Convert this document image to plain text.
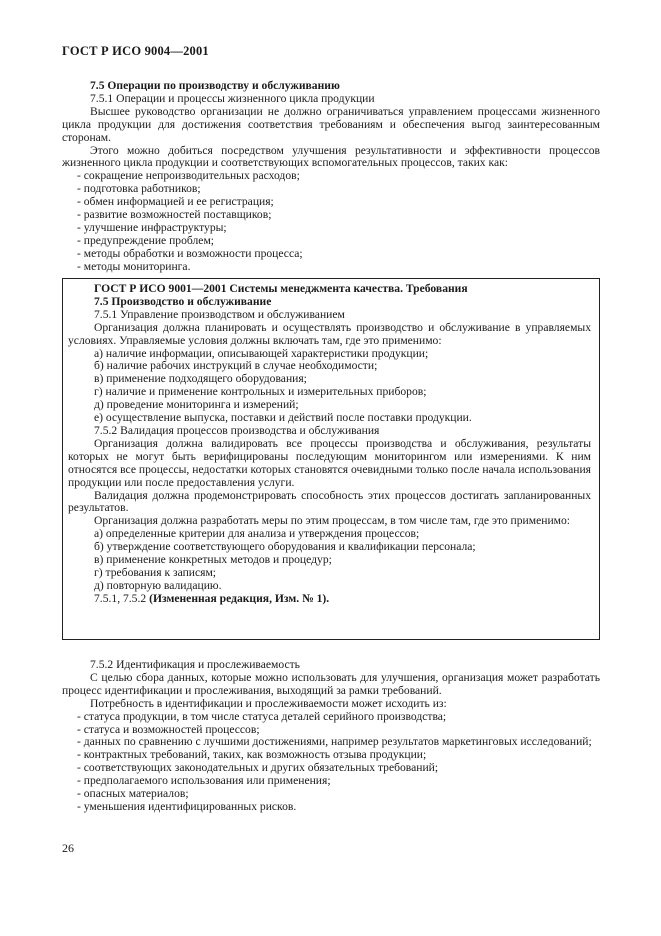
ГОСТ Р ИСО 9004—2001

7.5 Операции по производству и обслуживанию

7.5.1 Операции и процессы жизненного цикла продукции

Высшее руководство организации не должно ограничиваться управлением процессами жизненного цикла продукции для достижения соответствия требованиям и обеспечения выгод заинтересованным сторонам.

Этого можно добиться посредством улучшения результативности и эффективности процессов жизненного цикла продукции и соответствующих вспомогательных процессов, таких как:

- сокращение непроизводительных расходов;

- подготовка работников;

- обмен информацией и ее регистрация;

- развитие возможностей поставщиков;

- улучшение инфраструктуры;

- предупреждение проблем;

- методы обработки и возможности процесса;

- методы мониторинга.

ГОСТ Р ИСО 9001—2001 Системы менеджмента качества. Требования

7.5 Производство и обслуживание

7.5.1 Управление производством и обслуживанием

Организация должна планировать и осуществлять производство и обслуживание в управляемых условиях. Управляемые условия должны включать там, где это применимо:

а) наличие информации, описывающей характеристики продукции;

б) наличие рабочих инструкций в случае необходимости;

в) применение подходящего оборудования;

г) наличие и применение контрольных и измерительных приборов;

д) проведение мониторинга и измерений;

е) осуществление выпуска, поставки и действий после поставки продукции.

7.5.2 Валидация процессов производства и обслуживания

Организация должна валидировать все процессы производства и обслуживания, результаты которых не могут быть верифицированы последующим мониторингом или измерениями. К ним относятся все процессы, недостатки которых становятся очевидными только после начала использования продукции или после предоставления услуги.

Валидация должна продемонстрировать способность этих процессов достигать запланированных результатов.

Организация должна разработать меры по этим процессам, в том числе там, где это применимо:

а) определенные критерии для анализа и утверждения процессов;

б) утверждение соответствующего оборудования и квалификации персонала;

в) применение конкретных методов и процедур;

г) требования к записям;

д) повторную валидацию.

7.5.1, 7.5.2 (Измененная редакция, Изм. № 1).

7.5.2 Идентификация и прослеживаемость

С целью сбора данных, которые можно использовать для улучшения, организация может разработать процесс идентификации и прослеживания, выходящий за рамки требований.

Потребность в идентификации и прослеживаемости может исходить из:

- статуса продукции, в том числе статуса деталей серийного производства;

- статуса и возможностей процессов;

- данных по сравнению с лучшими достижениями, например результатов маркетинговых исследований;

- контрактных требований, таких, как возможность отзыва продукции;

- соответствующих законодательных и других обязательных требований;

- предполагаемого использования или применения;

- опасных материалов;

- уменьшения идентифицированных рисков.

26
